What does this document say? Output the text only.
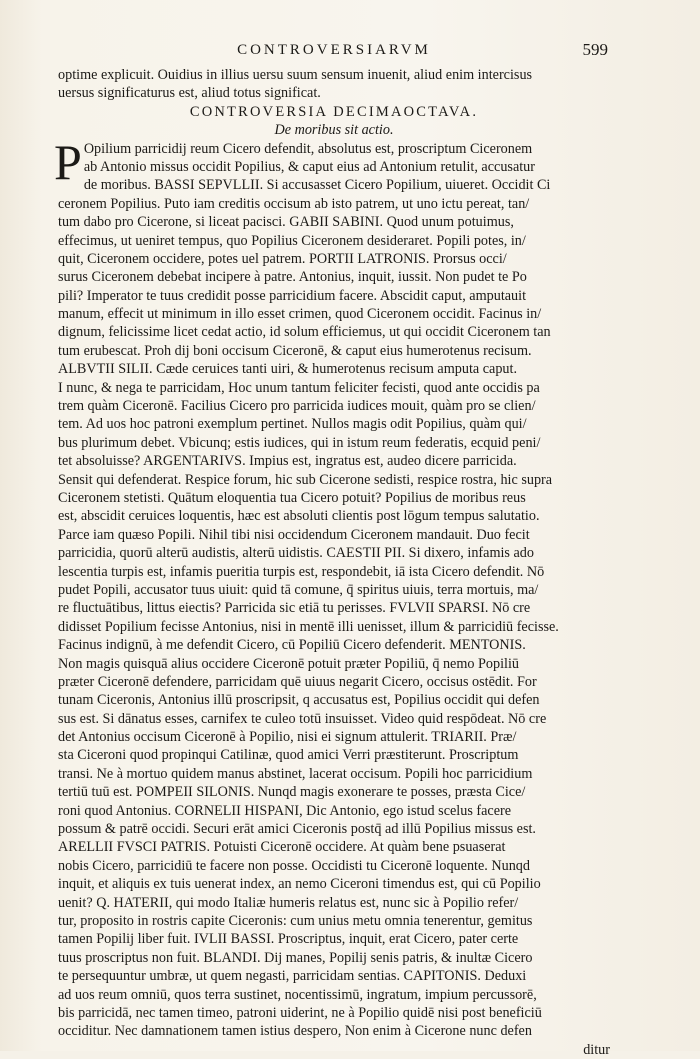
CONTROVERSIARVM	599
optime explicuit. Ouidius in illius uersu suum sensum inuenit, aliud enim intercisus
uersus significaturus est, aliud totus significat.
CONTROVERSIA DECIMAOCTAVA.
De moribus sit actio.
P Opilium parricidij reum Cicero defendit, absolutus est, proscriptum Ciceronem
ab Antonio missus occidit Popilius, & caput eius ad Antonium retulit, accusatur
de moribus. BASSI SEPVLLII. Si accusasset Cicero Popilium, uiueret. Occidit Ci
ceronem Popilius. Puto iam creditis occisum ab isto patrem, ut uno ictu pereat, tan/
tum dabo pro Cicerone, si liceat pacisci. GABII SABINI. Quod unum potuimus,
effecimus, ut ueniret tempus, quo Popilius Ciceronem desideraret. Popili potes, in/
quit, Ciceronem occidere, potes uel patrem. PORTII LATRONIS. Prorsus occi/
surus Ciceronem debebat incipere à patre. Antonius, inquit, iussit. Non pudet te Po
pili? Imperator te tuus credidit posse parricidium facere. Abscidit caput, amputauit
manum, effecit ut minimum in illo esset crimen, quod Ciceronem occidit. Facinus in/
dignum, felicissime licet cedat actio, id solum efficiemus, ut qui occidit Ciceronem tan
tum erubescat. Proh dij boni occisum Ciceronē, & caput eius humerotenus recisum.
ALBVTII SILII. Cæde ceruices tanti uiri, & humerotenus recisum amputa caput.
I nunc, & nega te parricidam, Hoc unum tantum feliciter fecisti, quod ante occidis pa
trem quàm Ciceronē. Facilius Cicero pro parricida iudices mouit, quàm pro se clien/
tem. Ad uos hoc patroni exemplum pertinet. Nullos magis odit Popilius, quàm qui/
bus plurimum debet. Vbicunq; estis iudices, qui in istum reum federatis, ecquid peni/
tet absoluisse? ARGENTARIVS. Impius est, ingratus est, audeo dicere parricida.
Sensit qui defenderat. Respice forum, hic sub Cicerone sedisti, respice rostra, hic supra
Ciceronem stetisti. Quātum eloquentia tua Cicero potuit? Popilius de moribus reus
est, abscidit ceruices loquentis, hæc est absoluti clientis post lōgum tempus salutatio.
Parce iam quæso Popili. Nihil tibi nisi occidendum Ciceronem mandauit. Duo fecit
parricidia, quorū alterū audistis, alterū uidistis. CAESTII PII. Si dixero, infamis ado
lescentia turpis est, infamis pueritia turpis est, respondebit, iā ista Cicero defendit. Nō
pudet Popili, accusator tuus uiuit: quid tā comune, q̄ spiritus uiuis, terra mortuis, ma/
re fluctuātibus, littus eiectis? Parricida sic etiā tu perisses. FVLVII SPARSI. Nō cre
didisset Popilium fecisse Antonius, nisi in mentē illi uenisset, illum & parricidiū fecisse.
Facinus indignū, à me defendit Cicero, cū Popiliū Cicero defenderit. MENTONIS.
Non magis quisquā alius occidere Ciceronē potuit præter Popiliū, q̄ nemo Popiliū
præter Ciceronē defendere, parricidam quē uiuus negarit Cicero, occisus ostēdit. For
tunam Ciceronis, Antonius illū proscripsit, q accusatus est, Popilius occidit qui defen
sus est. Si dānatus esses, carnifex te culeo totū insuisset. Video quid respōdeat. Nō cre
det Antonius occisum Ciceronē à Popilio, nisi ei signum attulerit. TRIARII. Præ/
sta Ciceroni quod propinqui Catilinæ, quod amici Verri præstiterunt. Proscriptum
transi. Ne à mortuo quidem manus abstinet, lacerat occisum. Popili hoc parricidium
tertiū tuū est. POMPEII SILONIS. Nunqd magis exonerare te posses, præsta Cice/
roni quod Antonius. CORNELII HISPANI, Dic Antonio, ego istud scelus facere
possum & patrē occidi. Securi erāt amici Ciceronis postq̄ ad illū Popilius missus est.
ARELLII FVSCI PATRIS. Potuisti Ciceronē occidere. At quàm bene psuaserat
nobis Cicero, parricidiū te facere non posse. Occidisti tu Ciceronē loquente. Nunqd
inquit, et aliquis ex tuis uenerat index, an nemo Ciceroni timendus est, qui cū Popilio
uenit? Q. HATERII, qui modo Italiæ humeris relatus est, nunc sic à Popilio refer/
tur, proposito in rostris capite Ciceronis: cum unius metu omnia tenerentur, gemitus
tamen Popilij liber fuit. IVLII BASSI. Proscriptus, inquit, erat Cicero, pater certe
tuus proscriptus non fuit. BLANDI. Dij manes, Popilij senis patris, & inultæ Cicero
te persequuntur umbræ, ut quem negasti, parricidam sentias. CAPITONIS. Deduxi
ad uos reum omniū, quos terra sustinet, nocentissimū, ingratum, impium percussorē,
bis parricidā, nec tamen timeo, patroni uiderint, ne à Popilio quidē nisi post beneficiū
occiditur. Nec damnationem tamen istius despero, Non enim à Cicerone nunc defen
ditur
